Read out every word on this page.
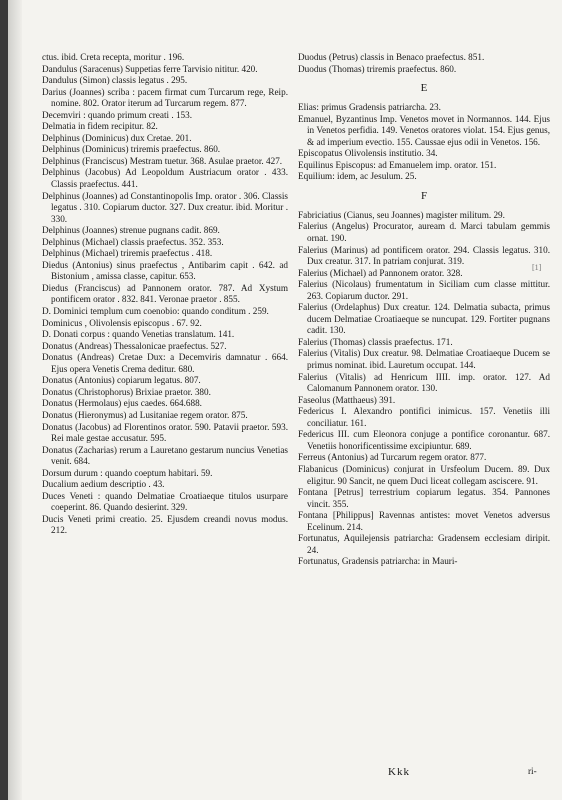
ctus. ibid. Creta recepta, moritur . 196.

Dandulus (Saracenus) Suppetias ferre Tarvisio nititur. 420.

Dandulus (Simon) classis legatus . 295.

Darius (Joannes) scriba : pacem firmat cum Turcarum rege, Reip. nomine. 802. Orator iterum ad Turcarum regem. 877.

Decemviri : quando primum creati . 153.

Delmatia in fidem recipitur. 82.

Delphinus (Dominicus) dux Cretae. 201.

Delphinus (Dominicus) triremis praefectus. 860.

Delphinus (Franciscus) Mestram tuetur. 368. Asulae praetor. 427.

Delphinus (Jacobus) Ad Leopoldum Austriacum orator . 433. Classis praefectus. 441.

Delphinus (Joannes) ad Constantinopolis Imp. orator . 306. Classis legatus . 310. Copiarum ductor. 327. Dux creatur. ibid. Moritur . 330.

Delphinus (Joannes) strenue pugnans cadit. 869.

Delphinus (Michael) classis praefectus. 352. 353.

Delphinus (Michael) triremis praefectus . 418.

Diedus (Antonius) sinus praefectus , Antibarim capit . 642. ad Bistonium , amissa classe, capitur. 653.

Diedus (Franciscus) ad Pannonem orator. 787. Ad Xystum pontificem orator . 832. 841. Veronae praetor . 855.

D. Dominici templum cum coenobio: quando conditum . 259.

Dominicus , Olivolensis episcopus . 67. 92.

D. Donati corpus : quando Venetias translatum. 141.

Donatus (Andreas) Thessalonicae praefectus. 527.

Donatus (Andreas) Cretae Dux: a Decemviris damnatur . 664. Ejus opera Venetis Crema deditur. 680.

Donatus (Antonius) copiarum legatus. 807.

Donatus (Christophorus) Brixiae praetor. 380.

Donatus (Hermolaus) ejus caedes. 664.688.

Donatus (Hieronymus) ad Lusitaniae regem orator. 875.

Donatus (Jacobus) ad Florentinos orator. 590. Patavii praetor. 593. Rei male gestae accusatur. 595.

Donatus (Zacharias) rerum a Lauretano gestarum nuncius Venetias venit. 684.

Dorsum durum : quando coeptum habitari. 59.

Ducalium aedium descriptio . 43.

Duces Veneti : quando Delmatiae Croatiaeque titulos usurpare coeperint. 86. Quando desierint. 329.

Ducis Veneti primi creatio. 25. Ejusdem creandi novus modus. 212.

Duodus (Petrus) classis in Benaco praefectus. 851.

Duodus (Thomas) triremis praefectus. 860.

E

Elias: primus Gradensis patriarcha. 23.

Emanuel, Byzantinus Imp. Venetos movet in Normannos. 144. Ejus in Venetos perfidia. 149. Venetos oratores violat. 154. Ejus genus, & ad imperium evectio. 155. Caussae ejus odii in Venetos. 156.

Episcopatus Olivolensis institutio. 34.

Equilinus Episcopus: ad Emanuelem imp. orator. 151.

Equilium: idem, ac Jesulum. 25.

F

Fabriciatius (Cianus, seu Joannes) magister militum. 29.

Falerius (Angelus) Procurator, auream d. Marci tabulam gemmis ornat. 190.

Falerius (Marinus) ad pontificem orator. 294. Classis legatus. 310. Dux creatur. 317. In patriam conjurat. 319.

Falerius (Michael) ad Pannonem orator. 328.

Falerius (Nicolaus) frumentatum in Siciliam cum classe mittitur. 263. Copiarum ductor. 291.

Falerius (Ordelaphus) Dux creatur. 124. Delmatia subacta, primus ducem Delmatiae Croatiaeque se nuncupat. 129. Fortiter pugnans cadit. 130.

Falerius (Thomas) classis praefectus. 171.

Falerius (Vitalis) Dux creatur. 98. Delmatiae Croatiaeque Ducem se primus nominat. ibid. Lauretum occupat. 144.

Falerius (Vitalis) ad Henricum IIII. imp. orator. 127. Ad Calomanum Pannonem orator. 130.

Faseolus (Matthaeus) 391.

Federicus I. Alexandro pontifici inimicus. 157. Venetiis illi conciliatur. 161.

Federicus III. cum Eleonora conjuge a pontifice coronantur. 687. Venetiis honorificentissime excipiuntur. 689.

Ferreus (Antonius) ad Turcarum regem orator. 877.

Flabanicus (Dominicus) conjurat in Ursfeolum Ducem. 89. Dux eligitur. 90 Sancit, ne quem Duci liceat collegam asciscere. 91.

Fontana [Petrus] terrestrium copiarum legatus. 354. Pannones vincit. 355.

Fontana [Philippus] Ravennas antistes: movet Venetos adversus Ecelinum. 214.

Fortunatus, Aquilejensis patriarcha: Gradensem ecclesiam diripit. 24.

Fortunatus, Gradensis patriarcha: in Mauri-

[1]
Kkk	ri-
